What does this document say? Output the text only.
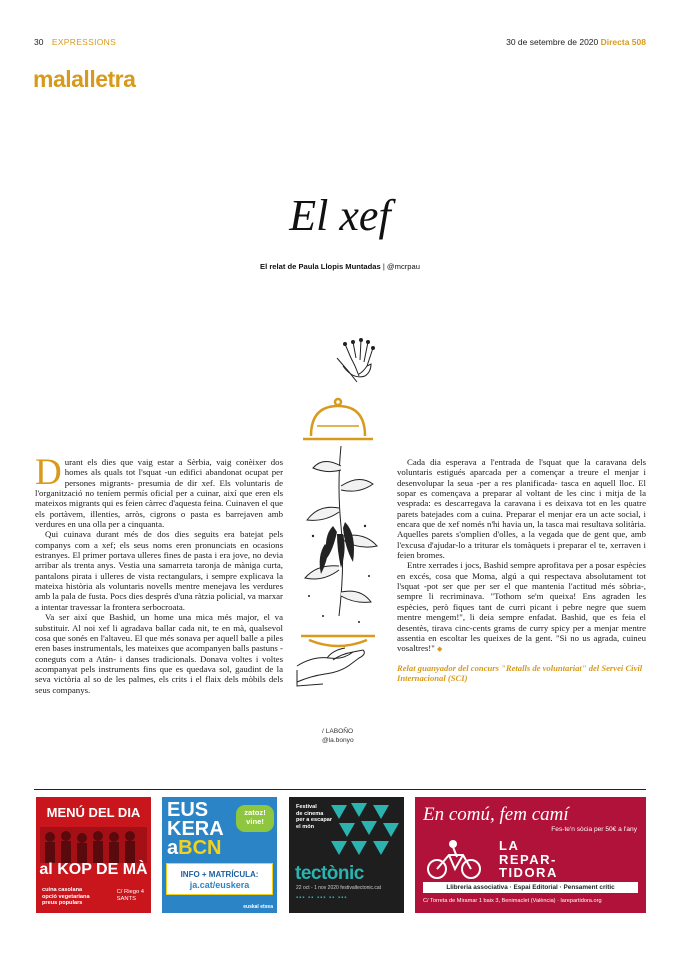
30 EXPRESSIONS	30 de setembre de 2020 Directa 508
malalletra
El xef
El relat de Paula Llopis Muntadas | @mcrpau

Durant els dies que vaig estar a Sèrbia, vaig conèixer dos homes als quals tot l'squat -un edifici abandonat ocupat per persones migrants- presumia de dir xef. Els voluntaris de l'organització no teníem permís oficial per a cuinar, així que eren els mateixos migrants qui es feien càrrec d'aquesta feina. Cuinaven el que els portàvem, illenties, arròs, cigrons o pasta es barrejaven amb verdures en una olla per a cinquanta.

Qui cuinava durant més de dos dies seguits era batejat pels companys com a xef; els seus noms eren pronunciats en ocasions estranyes. El primer portava ulleres fines de pasta i era jove, no devia arribar als trenta anys. Vestia una samarreta taronja de màniga curta, pantalons pirata i ulleres de vista rectangulars, i sempre explicava la mateixa història als voluntaris novells mentre menejava les verdures amb la pala de fusta. Pocs dies després d'una ràtzia policial, va marxar a intentar travessar la frontera serbocroata.

Va ser així que Bashid, un home una mica més major, el va substituir. Al noi xef li agradava ballar cada nit, te en mà, qualsevol cosa que sonés en l'altaveu. El que més sonava per aquell balle a piles eren bases instrumentals, les mateixes que acompanyen balls pastuns -coneguts com a Atán- i danses tradicionals. Donava voltes i voltes acompanyat pels instruments fins que es quedava sol, gaudint de la seva victòria al so de les palmes, els crits i el flaix dels mòbils dels seus companys.

Cada dia esperava a l'entrada de l'squat que la caravana dels voluntaris estigués aparcada per a començar a treure el menjar i desenvolupar la seua -per a res planificada- tasca en aquell lloc. El sopar es començava a preparar al voltant de les cinc i mitja de la vesprada: es descarregava la caravana i es deixava tot en les quatre parets batejades com a cuina. Preparar el menjar era un acte social, i encara que de xef només n'hi havia un, la tasca mai resultava solitària. Aquelles parets s'omplien d'olles, a la vegada que de gent que, amb l'excusa d'ajudar-lo a triturar els tomàquets i preparar el te, xerraven i feien bromes.

Entre xerrades i jocs, Bashid sempre aprofitava per a posar espècies en excés, cosa que Moma, algú a qui respectava absolutament tot l'squat -pot ser que per ser el que mantenia l'actitud més sòbria-, sempre li recriminava. "Tothom se'm queixa! Ens agraden les espècies, però fiques tant de curri picant i pebre negre que suem mentre mengem!", li deia sempre enfadat. Bashid, que es feia el desentès, tirava cinc-cents grams de curry spicy per a menjar mentre assentia en escoltar les queixes de la gent. "Si no us agrada, cuineu vosaltres!" ◆

Relat guanyador del concurs "Retalls de voluntariat" del Servei Civil Internacional (SCI)
/ LABOÑO
@la.bonyo
MENÚ DEL DIA
al KOP DE MÀ
cuina casolana
opció vegetariana
preus populars
C/ Riego 4
SANTS
EUS
KERA
zatoz! vine!
aBCN
INFO + MATRÍCULA:
ja.cat/euskera
euskal etxea
Festival
de cinema
per a escapar
el món
tectònic
22 oct - 1 nov 2020 festivaltectonic.cat
▪▪▪ ▪▪ ▪▪▪ ▪▪ ▪▪▪
En comú, fem camí
Fes-te'n sòcia per 50€ a l'any
LA
REPAR-
TIDORA
Llibreria associativa · Espai Editorial · Pensament crític
C/ Torreta de Miramar 1 baix 3, Benimaclet (València) · larepartidora.org
